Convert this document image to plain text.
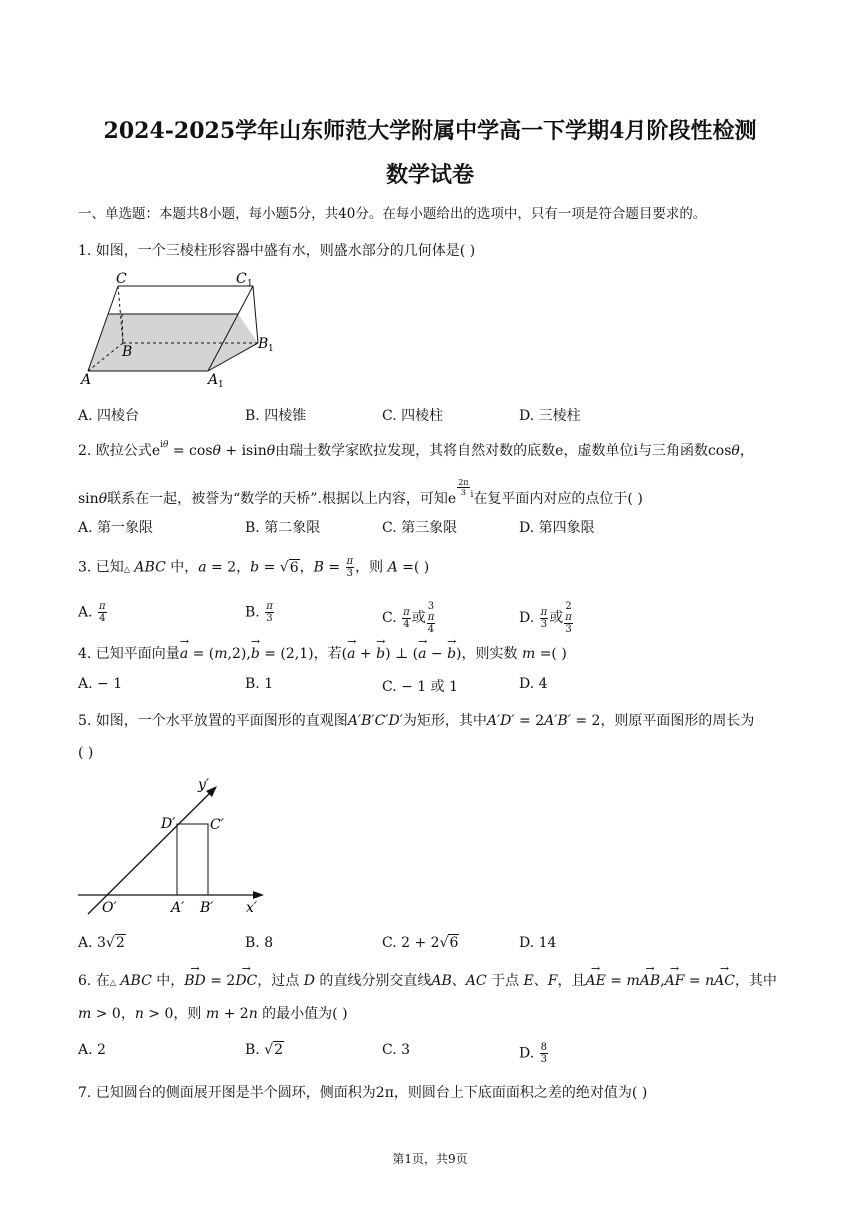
2024-2025学年山东师范大学附属中学高一下学期4月阶段性检测
数学试卷
一、单选题：本题共8小题，每小题5分，共40分。在每小题给出的选项中，只有一项是符合题目要求的。
1. 如图，一个三棱柱形容器中盛有水，则盛水部分的几何体是( )
C	C 1
B	B 1
A	A 1
A. 四棱台	B. 四棱锥	C. 四棱柱	D. 三棱柱
2. 欧拉公式$e^{i\theta} = \cos\theta + isin\theta$由瑞士数学家欧拉发现，其将自然对数的底数e，虚数单位i与三角函数cosθ，
sinθ联系在一起，被誉为“数学的天桥”.根据以上内容，可知e
$\frac{2\pi}{3} ^i$在复平面内对应的点位于( )
A. 第一象限	B. 第二象限	C. 第三象限	D. 第四象限
3. 已知△ ABC 中，a = 2，b = √6，$B = \frac{\pi}{3}$ ，则 A =( )
A. $\frac{\pi}{4}$	B. $\frac{\pi}{3}$	C. $\frac{\pi}{4}$ 或 3
π
4	D. $\frac{\pi}{3}$ 或 2
π
3
4. 已知平面向量→ a = (m,2),→ b = (2,1)，若(→ a + → b) ⊥ (→ a − → b)，则实数 m =( )
A. − 1	B. 1	C. − 1 或 1	D. 4
5. 如图，一个水平放置的平面图形的直观图A′B′C′D′为矩形，其中A′D′ = 2A′B′ = 2，则原平面图形的周长为
( )
y′
x′
O′	A′ B′
C′
D′
A. 3√2	B. 8	C. 2 + 2√6	D. 14
6. 在△ ABC 中，→ BD = 2→ DC，过点 D 的直线分别交直线AB、AC 于点 E、F，且→ AE = m→ AB,→ AF = n→ AC，其中
m > 0，n > 0，则 m + 2n 的最小值为( )
A. 2	B. √2	C. 3	D. $\frac{8}{3}$
7. 已知圆台的侧面展开图是半个圆环，侧面积为2π，则圆台上下底面面积之差的绝对值为( )
第1页，共9页
